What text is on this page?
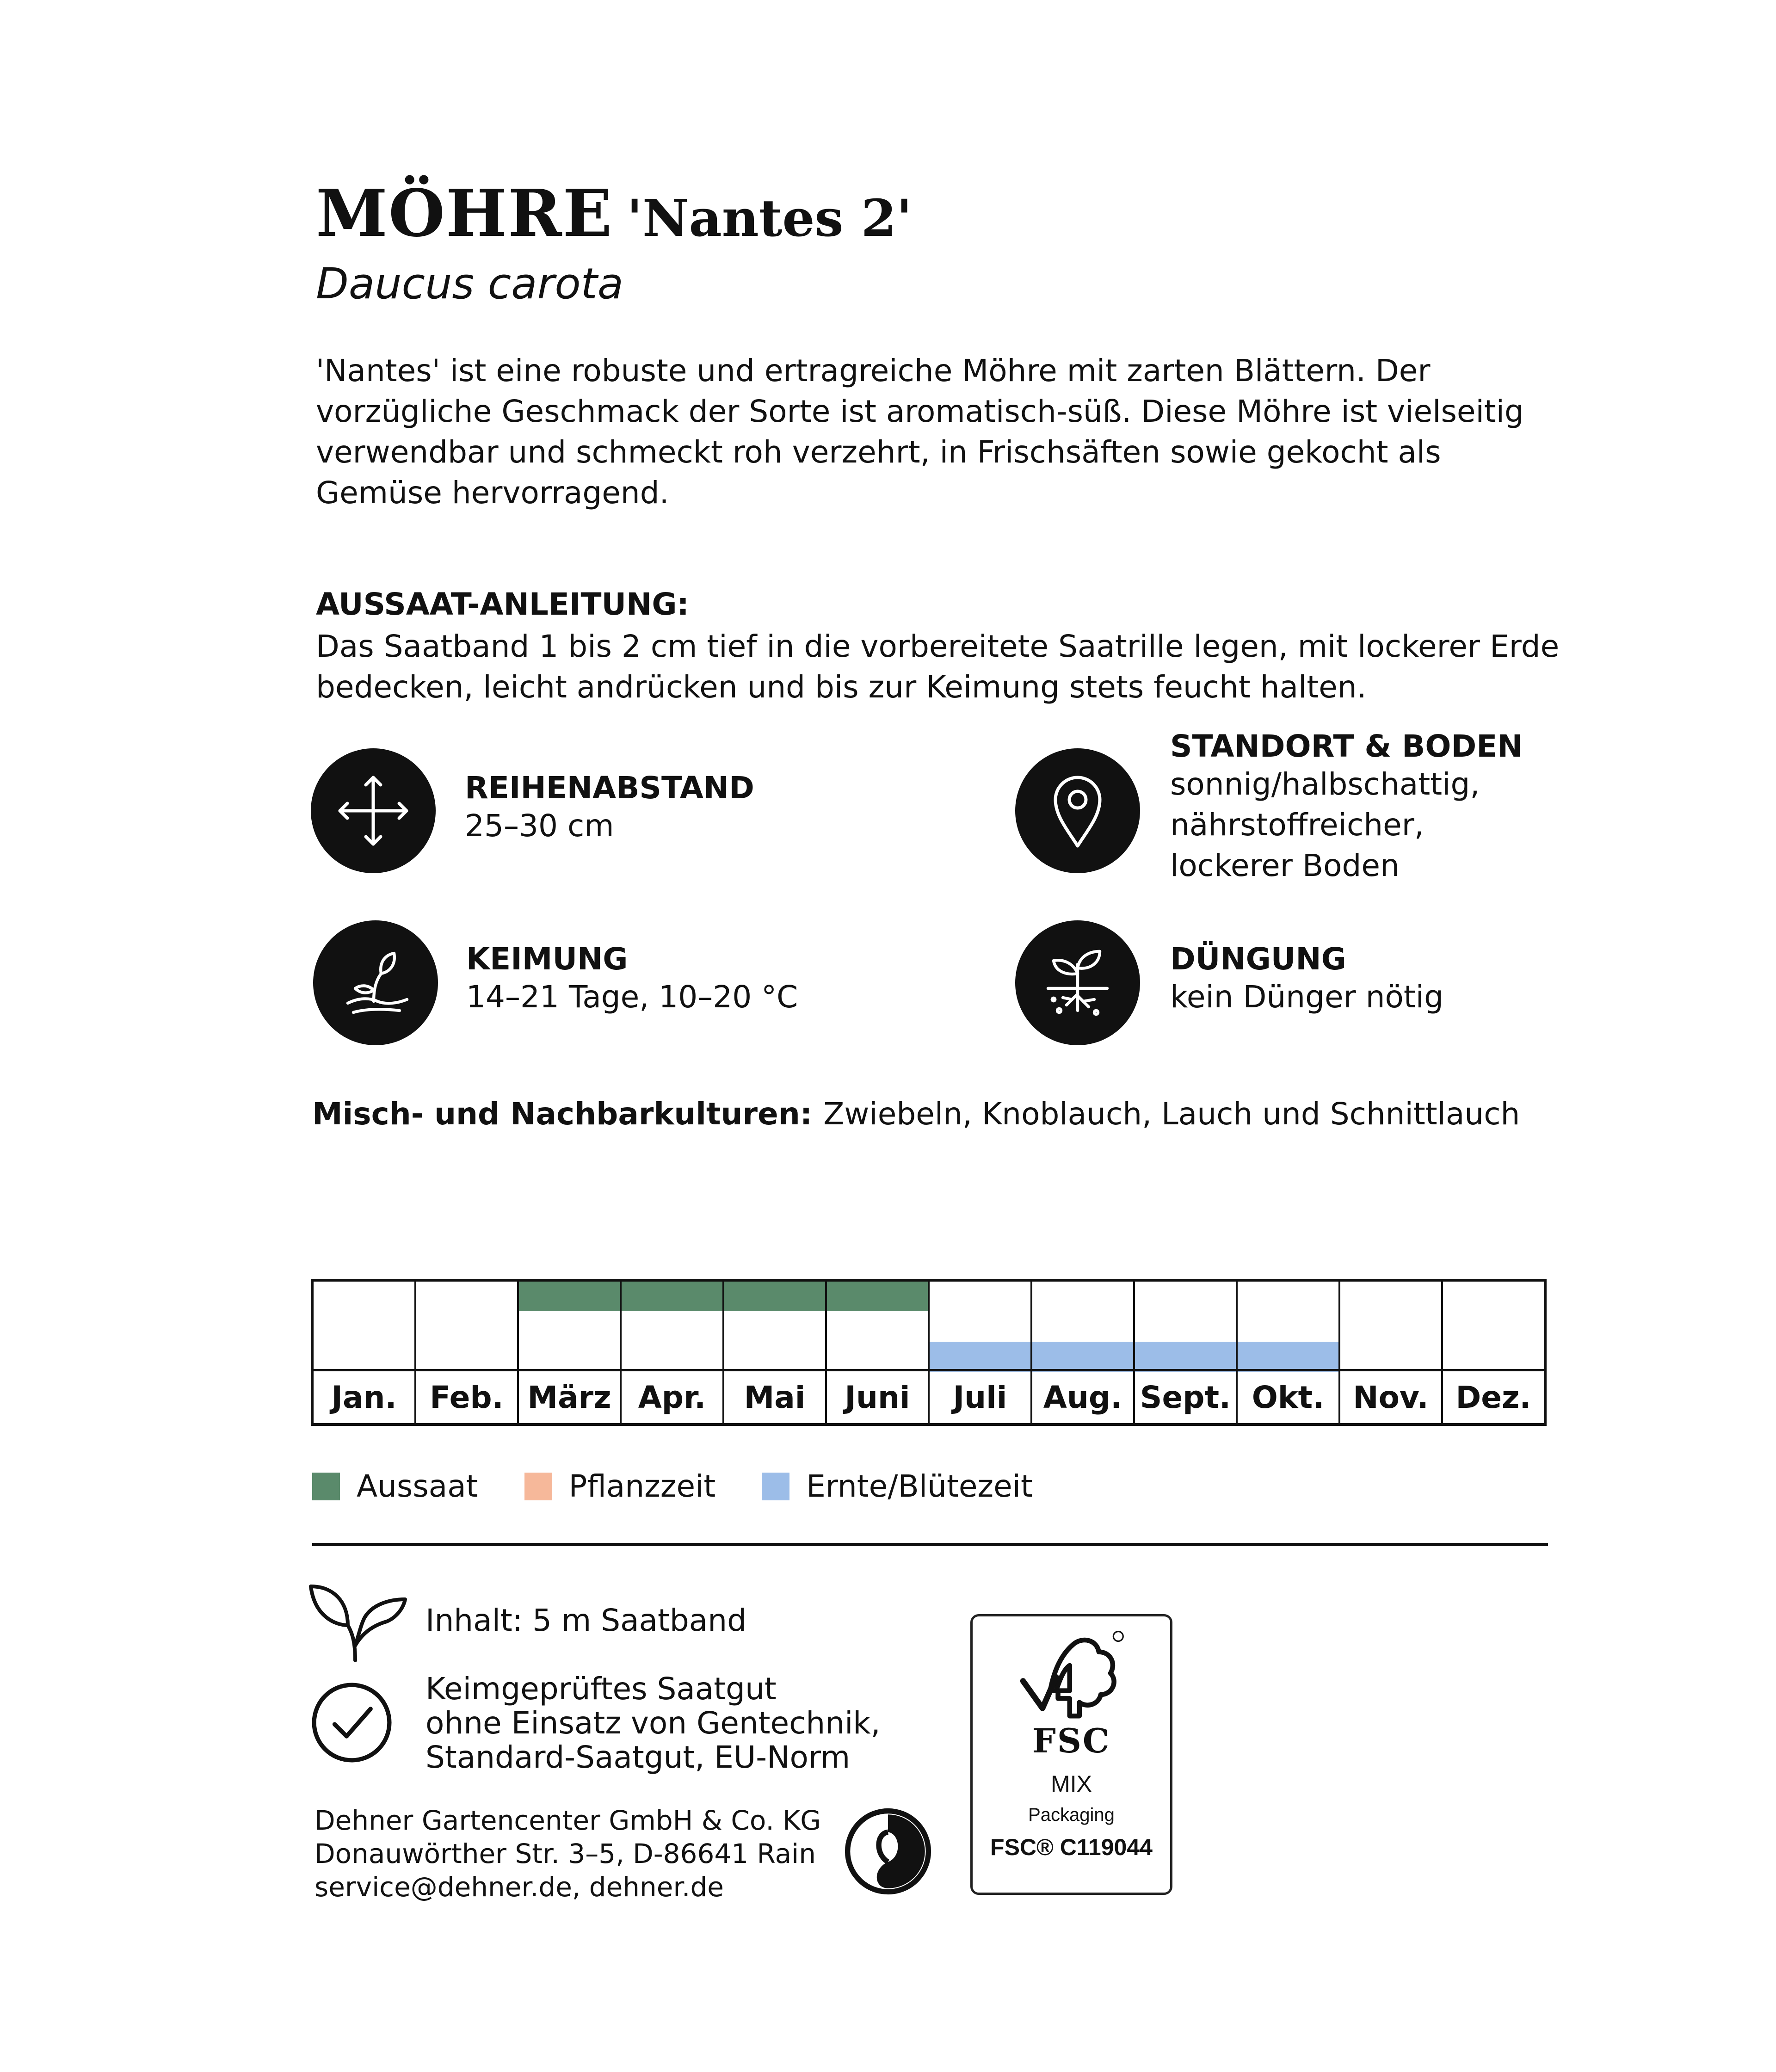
MÖHRE 'Nantes 2'
Daucus carota
'Nantes' ist eine robuste und ertragreiche Möhre mit zarten Blättern. Der vorzügliche Geschmack der Sorte ist aromatisch-süß. Diese Möhre ist vielseitig verwendbar und schmeckt roh verzehrt, in Frischsäften sowie gekocht als Gemüse hervorragend.
AUSSAAT-ANLEITUNG:
Das Saatband 1 bis 2 cm tief in die vorbereitete Saatrille legen, mit lockerer Erde bedecken, leicht andrücken und bis zur Keimung stets feucht halten.
REIHENABSTAND
25–30 cm
STANDORT & BODEN
sonnig/halbschattig, nährstoffreicher, lockerer Boden
KEIMUNG
14–21 Tage, 10–20 °C
DÜNGUNG
kein Dünger nötig
Misch- und Nachbarkulturen: Zwiebeln, Knoblauch, Lauch und Schnittlauch
Jan.	Feb. März Apr.	Mai	Juni	Juli	Aug. Sept. Okt. Nov. Dez.
Aussaat	Pflanzzeit	Ernte/Blütezeit
Inhalt: 5 m Saatband
Keimgeprüftes Saatgut
ohne Einsatz von Gentechnik,
Standard-Saatgut, EU-Norm
Dehner Gartencenter GmbH & Co. KG
Donauwörther Str. 3–5, D-86641 Rain
service@dehner.de, dehner.de
FSC
MIX
Packaging
FSC® C119044
